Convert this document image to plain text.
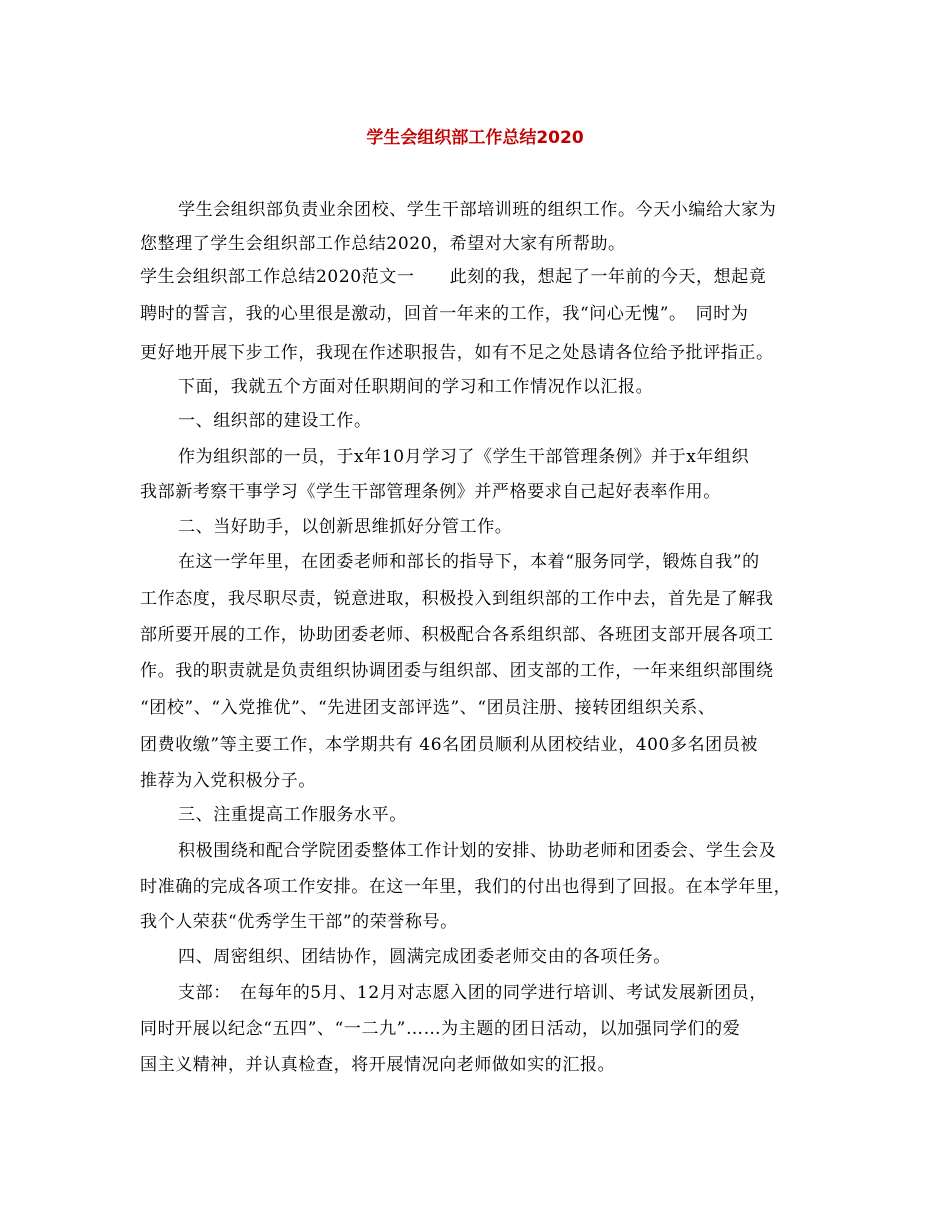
学生会组织部工作总结2020
学生会组织部负责业余团校、学生干部培训班的组织工作。今天小编给大家为
您整理了学生会组织部工作总结2020，希望对大家有所帮助。
学生会组织部工作总结2020范文一　　此刻的我，想起了一年前的今天，想起竟
聘时的誓言，我的心里很是激动，回首一年来的工作，我“问心无愧”。　同时为
更好地开展下步工作，我现在作述职报告，如有不足之处恳请各位给予批评指正。
下面，我就五个方面对任职期间的学习和工作情况作以汇报。
一、组织部的建设工作。
作为组织部的一员，于x年10月学习了《学生干部管理条例》并于x年组织
我部新考察干事学习《学生干部管理条例》并严格要求自己起好表率作用。
二、当好助手，以创新思维抓好分管工作。
在这一学年里，在团委老师和部长的指导下，本着“服务同学，锻炼自我”的
工作态度，我尽职尽责，锐意进取，积极投入到组织部的工作中去，首先是了解我
部所要开展的工作，协助团委老师、积极配合各系组织部、各班团支部开展各项工
作。我的职责就是负责组织协调团委与组织部、团支部的工作，一年来组织部围绕
“团校”、“入党推优”、“先进团支部评选”、“团员注册、接转团组织关系、
团费收缴”等主要工作，本学期共有 46名团员顺利从团校结业，400多名团员被
推荐为入党积极分子。
三、注重提高工作服务水平。
积极围绕和配合学院团委整体工作计划的安排、协助老师和团委会、学生会及
时准确的完成各项工作安排。在这一年里，我们的付出也得到了回报。在本学年里，
我个人荣获“优秀学生干部”的荣誉称号。
四、周密组织、团结协作，圆满完成团委老师交由的各项任务。
支部：　在每年的5月、12月对志愿入团的同学进行培训、考试发展新团员，
同时开展以纪念“五四”、“一二九”……为主题的团日活动，以加强同学们的爱
国主义精神，并认真检查，将开展情况向老师做如实的汇报。
